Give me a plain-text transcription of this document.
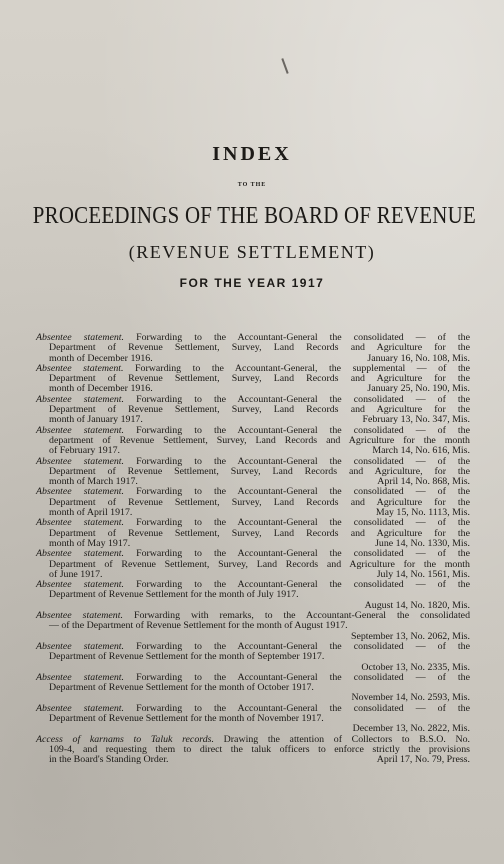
INDEX
TO THE
PROCEEDINGS OF THE BOARD OF REVENUE
(REVENUE SETTLEMENT)
FOR THE YEAR 1917
Absentee statement. Forwarding to the Accountant-General the consolidated — of the
Department of Revenue Settlement, Survey, Land Records and Agriculture for the
month of December 1916.	January 16, No. 108, Mis.
Absentee statement. Forwarding to the Accountant-General, the supplemental — of the
Department of Revenue Settlement, Survey, Land Records and Agriculture for the
month of December 1916.	January 25, No. 190, Mis.
Absentee statement. Forwarding to the Accountant-General the consolidated — of the
Department of Revenue Settlement, Survey, Land Records and Agriculture for the
month of January 1917.	February 13, No. 347, Mis.
Absentee statement. Forwarding to the Accountant-General the consolidated — of the
department of Revenue Settlement, Survey, Land Records and Agriculture for the month
of February 1917.	March 14, No. 616, Mis.
Absentee statement. Forwarding to the Accountant-General the consolidated — of the
Department of Revenue Settlement, Survey, Land Records and Agriculture, for the
month of March 1917.	April 14, No. 868, Mis.
Absentee statement. Forwarding to the Accountant-General the consolidated — of the
Department of Revenue Settlement, Survey, Land Records and Agriculture for the
month of April 1917.	May 15, No. 1113, Mis.
Absentee statement. Forwarding to the Accountant-General the consolidated — of the
Department of Revenue Settlement, Survey, Land Records and Agriculture for the
month of May 1917.	June 14, No. 1330, Mis.
Absentee statement. Forwarding to the Accountant-General the consolidated — of the
Department of Revenue Settlement, Survey, Land Records and Agriculture for the month
of June 1917.	July 14, No. 1561, Mis.
Absentee statement. Forwarding to the Accountant-General the consolidated — of the
Department of Revenue Settlement for the month of July 1917.
August 14, No. 1820, Mis.
Absentee statement. Forwarding with remarks, to the Accountant-General the consolidated
— of the Department of Revenue Settlement for the month of August 1917.
September 13, No. 2062, Mis.
Absentee statement. Forwarding to the Accountant-General the consolidated — of the
Department of Revenue Settlement for the month of September 1917.
October 13, No. 2335, Mis.
Absentee statement. Forwarding to the Accountant-General the consolidated — of the
Department of Revenue Settlement for the month of October 1917.
November 14, No. 2593, Mis.
Absentee statement. Forwarding to the Accountant-General the consolidated — of the
Department of Revenue Settlement for the month of November 1917.
December 13, No. 2822, Mis.
Access of karnams to Taluk records. Drawing the attention of Collectors to B.S.O. No.
109-4, and requesting them to direct the taluk officers to enforce strictly the provisions
in the Board's Standing Order.	April 17, No. 79, Press.
